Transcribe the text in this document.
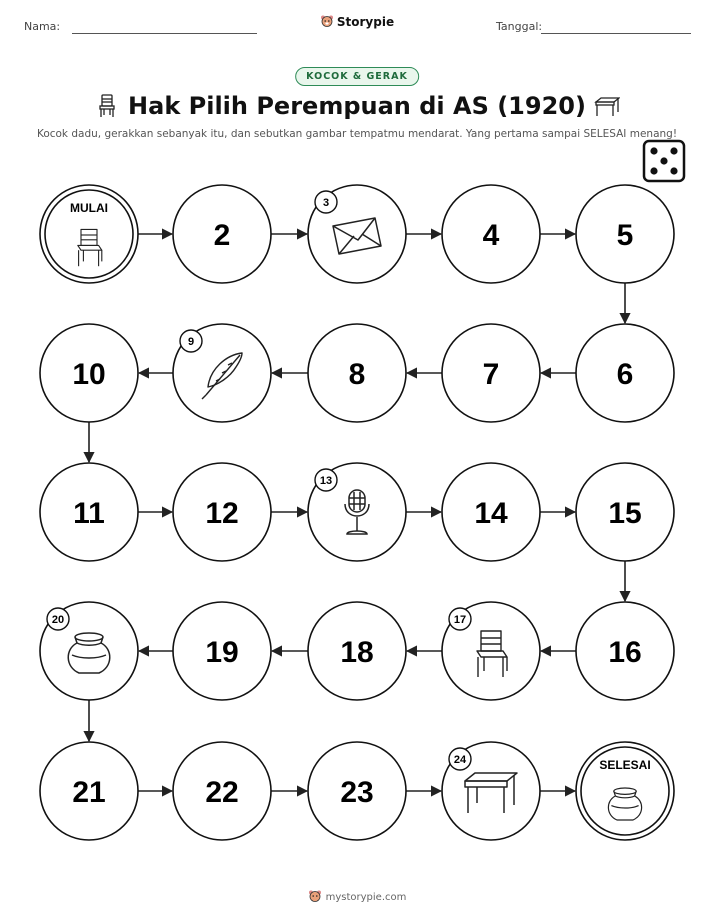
Nama:	Storypie	Tanggal:
KOCOK & GERAK
Hak Pilih Perempuan di AS (1920)
Kocok dadu, gerakkan sebanyak itu, dan sebutkan gambar tempatmu mendarat. Yang pertama sampai SELESAI menang!
MULAI
2
3
4	5
6
7
8
9
10
11	12
13
14	15
16
17
18
19
20
21	22	23
24	SELESAI
mystorypie.com
